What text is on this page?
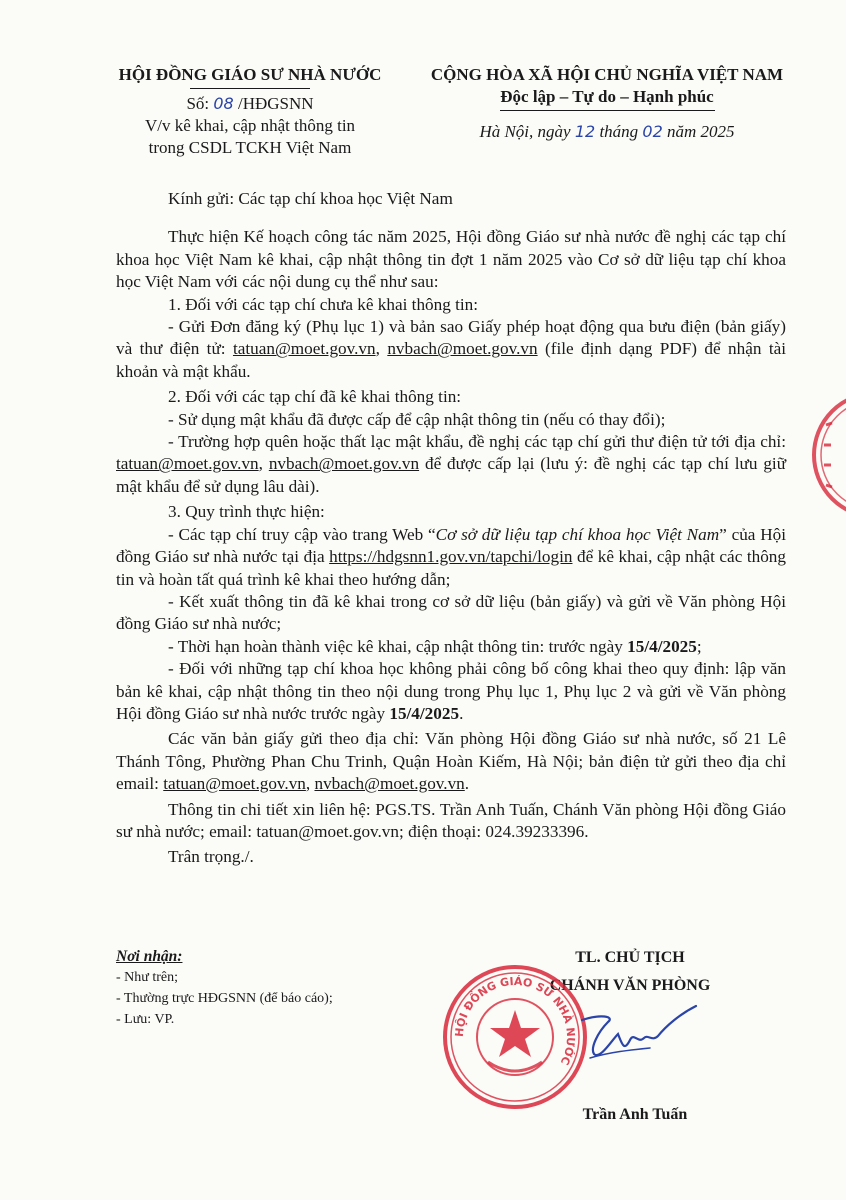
HỘI ĐỒNG GIÁO SƯ NHÀ NƯỚC
Số: 08 /HĐGSNN
V/v kê khai, cập nhật thông tin
trong CSDL TCKH Việt Nam
CỘNG HÒA XÃ HỘI CHỦ NGHĨA VIỆT NAM
Độc lập – Tự do – Hạnh phúc
Hà Nội, ngày 12 tháng 02 năm 2025

Kính gửi: Các tạp chí khoa học Việt Nam

Thực hiện Kế hoạch công tác năm 2025, Hội đồng Giáo sư nhà nước đề nghị các tạp chí khoa học Việt Nam kê khai, cập nhật thông tin đợt 1 năm 2025 vào Cơ sở dữ liệu tạp chí khoa học Việt Nam với các nội dung cụ thể như sau:

1. Đối với các tạp chí chưa kê khai thông tin:

- Gửi Đơn đăng ký (Phụ lục 1) và bản sao Giấy phép hoạt động qua bưu điện (bản giấy) và thư điện tử: tatuan@moet.gov.vn, nvbach@moet.gov.vn (file định dạng PDF) để nhận tài khoản và mật khẩu.

2. Đối với các tạp chí đã kê khai thông tin:

- Sử dụng mật khẩu đã được cấp để cập nhật thông tin (nếu có thay đổi);

- Trường hợp quên hoặc thất lạc mật khẩu, đề nghị các tạp chí gửi thư điện tử tới địa chỉ: tatuan@moet.gov.vn, nvbach@moet.gov.vn để được cấp lại (lưu ý: đề nghị các tạp chí lưu giữ mật khẩu để sử dụng lâu dài).

3. Quy trình thực hiện:

- Các tạp chí truy cập vào trang Web “Cơ sở dữ liệu tạp chí khoa học Việt Nam” của Hội đồng Giáo sư nhà nước tại địa https://hdgsnn1.gov.vn/tapchi/login để kê khai, cập nhật các thông tin và hoàn tất quá trình kê khai theo hướng dẫn;

- Kết xuất thông tin đã kê khai trong cơ sở dữ liệu (bản giấy) và gửi về Văn phòng Hội đồng Giáo sư nhà nước;

- Thời hạn hoàn thành việc kê khai, cập nhật thông tin: trước ngày 15/4/2025;

- Đối với những tạp chí khoa học không phải công bố công khai theo quy định: lập văn bản kê khai, cập nhật thông tin theo nội dung trong Phụ lục 1, Phụ lục 2 và gửi về Văn phòng Hội đồng Giáo sư nhà nước trước ngày 15/4/2025.

Các văn bản giấy gửi theo địa chỉ: Văn phòng Hội đồng Giáo sư nhà nước, số 21 Lê Thánh Tông, Phường Phan Chu Trinh, Quận Hoàn Kiếm, Hà Nội; bản điện tử gửi theo địa chỉ email: tatuan@moet.gov.vn, nvbach@moet.gov.vn.

Thông tin chi tiết xin liên hệ: PGS.TS. Trần Anh Tuấn, Chánh Văn phòng Hội đồng Giáo sư nhà nước; email: tatuan@moet.gov.vn; điện thoại: 024.39233396.

Trân trọng./.

Nơi nhận:
- Như trên;
- Thường trực HĐGSNN (để báo cáo);
- Lưu: VP.
TL. CHỦ TỊCH
CHÁNH VĂN PHÒNG
HỘI ĐỒNG GIÁO SƯ NHÀ NƯỚC
Trần Anh Tuấn
